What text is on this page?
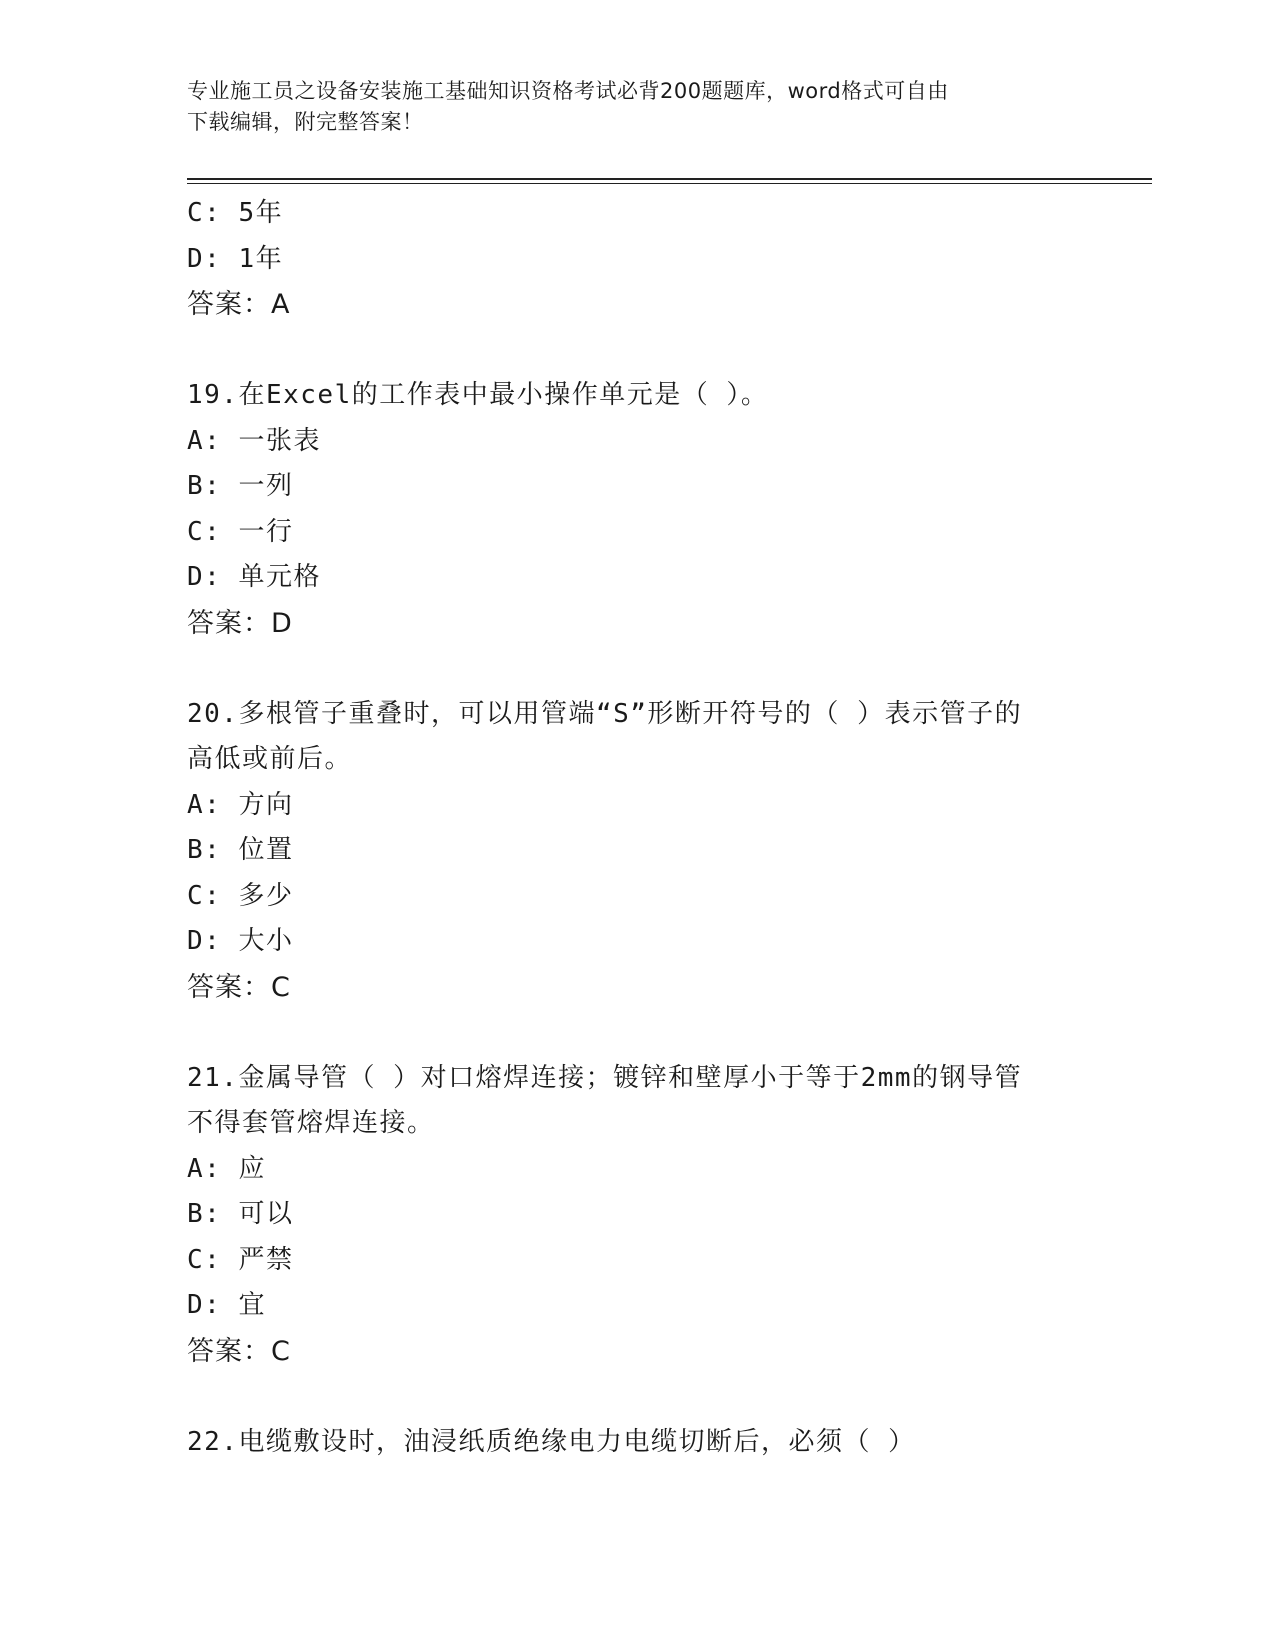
专业施工员之设备安装施工基础知识资格考试必背200题题库，word格式可自由
下载编辑，附完整答案！
C: 5年
D: 1年
答案：A
19.在Excel的工作表中最小操作单元是（ ）。
A: 一张表
B: 一列
C: 一行
D: 单元格
答案：D
20.多根管子重叠时，可以用管端“S”形断开符号的（ ）表示管子的
高低或前后。
A: 方向
B: 位置
C: 多少
D: 大小
答案：C
21.金属导管（ ）对口熔焊连接；镀锌和壁厚小于等于2mm的钢导管
不得套管熔焊连接。
A: 应
B: 可以
C: 严禁
D: 宜
答案：C
22.电缆敷设时，油浸纸质绝缘电力电缆切断后，必须（ ）
